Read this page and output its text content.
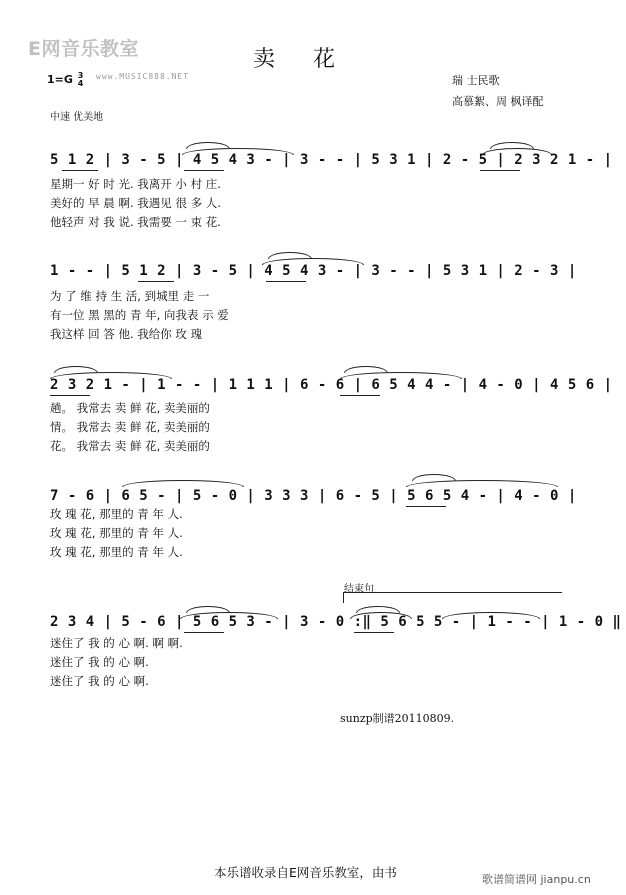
E网音乐教室
www.MUSIC888.NET
1=G 3
4
卖花
瑞 士民歌
高慕絮、周 枫译配
中速 优美地
5 1 2 | 3 - 5 | 4 5 4 3 - | 3 - - | 5 3 1 | 2 - 5 | 2 3 2 1 - |
星期一 好 时 光. 我离开 小 村 庄.
美好的 早 晨 啊. 我遇见 很 多 人.
他轻声 对 我 说. 我需要 一 束 花.
1 - - | 5 1 2 | 3 - 5 | 4 5 4 3 - | 3 - - | 5 3 1 | 2 - 3 |
为 了 维 持 生 活, 到城里 走 一
有一位 黑 黑的 青 年, 向我表 示 爱
我这样 回 答 他. 我给你 玫 瑰
2 3 2 1 - | 1 - - | 1 1 1 | 6 - 6 | 6 5 4 4 - | 4 - 0 | 4 5 6 |
趟。 我常去 卖 鲜 花, 卖美丽的
情。 我常去 卖 鲜 花, 卖美丽的
花。 我常去 卖 鲜 花, 卖美丽的
7 - 6 | 6 5 - | 5 - 0 | 3 3 3 | 6 - 5 | 5 6 5 4 - | 4 - 0 |
玫 瑰 花, 那里的 青 年 人.
玫 瑰 花, 那里的 青 年 人.
玫 瑰 花, 那里的 青 年 人.
结束句
2 3 4 | 5 - 6 | 5 6 5 3 - | 3 - 0 :‖ 5 6 5 5 - | 1 - - | 1 - 0 ‖
迷住了 我 的 心 啊. 啊 啊.
迷住了 我 的 心 啊.
迷住了 我 的 心 啊.
sunzp制谱20110809.
本乐谱收录自E网音乐教室，由书	歌谱简谱网 jianpu.cn
